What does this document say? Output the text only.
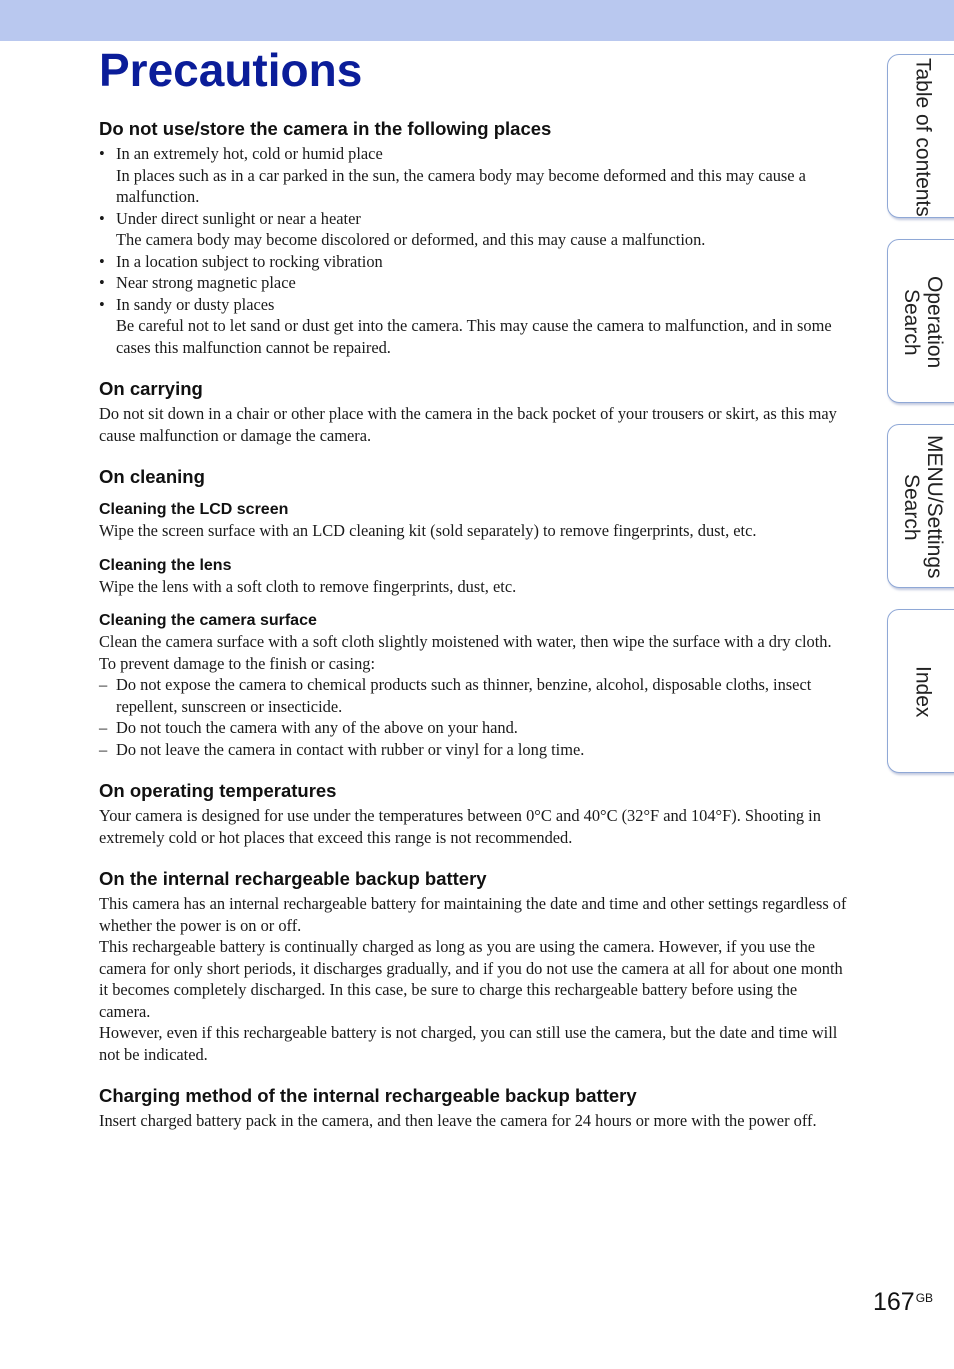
Precautions
Do not use/store the camera in the following places
• In an extremely hot, cold or humid place
In places such as in a car parked in the sun, the camera body may become deformed and this may cause a malfunction.
• Under direct sunlight or near a heater
The camera body may become discolored or deformed, and this may cause a malfunction.
• In a location subject to rocking vibration
• Near strong magnetic place
• In sandy or dusty places
Be careful not to let sand or dust get into the camera. This may cause the camera to malfunction, and in some cases this malfunction cannot be repaired.
On carrying

Do not sit down in a chair or other place with the camera in the back pocket of your trousers or skirt, as this may cause malfunction or damage the camera.

On cleaning
Cleaning the LCD screen

Wipe the screen surface with an LCD cleaning kit (sold separately) to remove fingerprints, dust, etc.

Cleaning the lens

Wipe the lens with a soft cloth to remove fingerprints, dust, etc.

Cleaning the camera surface

Clean the camera surface with a soft cloth slightly moistened with water, then wipe the surface with a dry cloth. To prevent damage to the finish or casing:

– Do not expose the camera to chemical products such as thinner, benzine, alcohol, disposable cloths, insect repellent, sunscreen or insecticide.
– Do not touch the camera with any of the above on your hand.
– Do not leave the camera in contact with rubber or vinyl for a long time.
On operating temperatures

Your camera is designed for use under the temperatures between 0°C and 40°C (32°F and 104°F). Shooting in extremely cold or hot places that exceed this range is not recommended.

On the internal rechargeable backup battery

This camera has an internal rechargeable battery for maintaining the date and time and other settings regardless of whether the power is on or off.

This rechargeable battery is continually charged as long as you are using the camera. However, if you use the camera for only short periods, it discharges gradually, and if you do not use the camera at all for about one month it becomes completely discharged. In this case, be sure to charge this rechargeable battery before using the camera.

However, even if this rechargeable battery is not charged, you can still use the camera, but the date and time will not be indicated.

Charging method of the internal rechargeable backup battery

Insert charged battery pack in the camera, and then leave the camera for 24 hours or more with the power off.

Table of contents
Operation Search
MENU/Settings Search
Index
$167^{GB}$
